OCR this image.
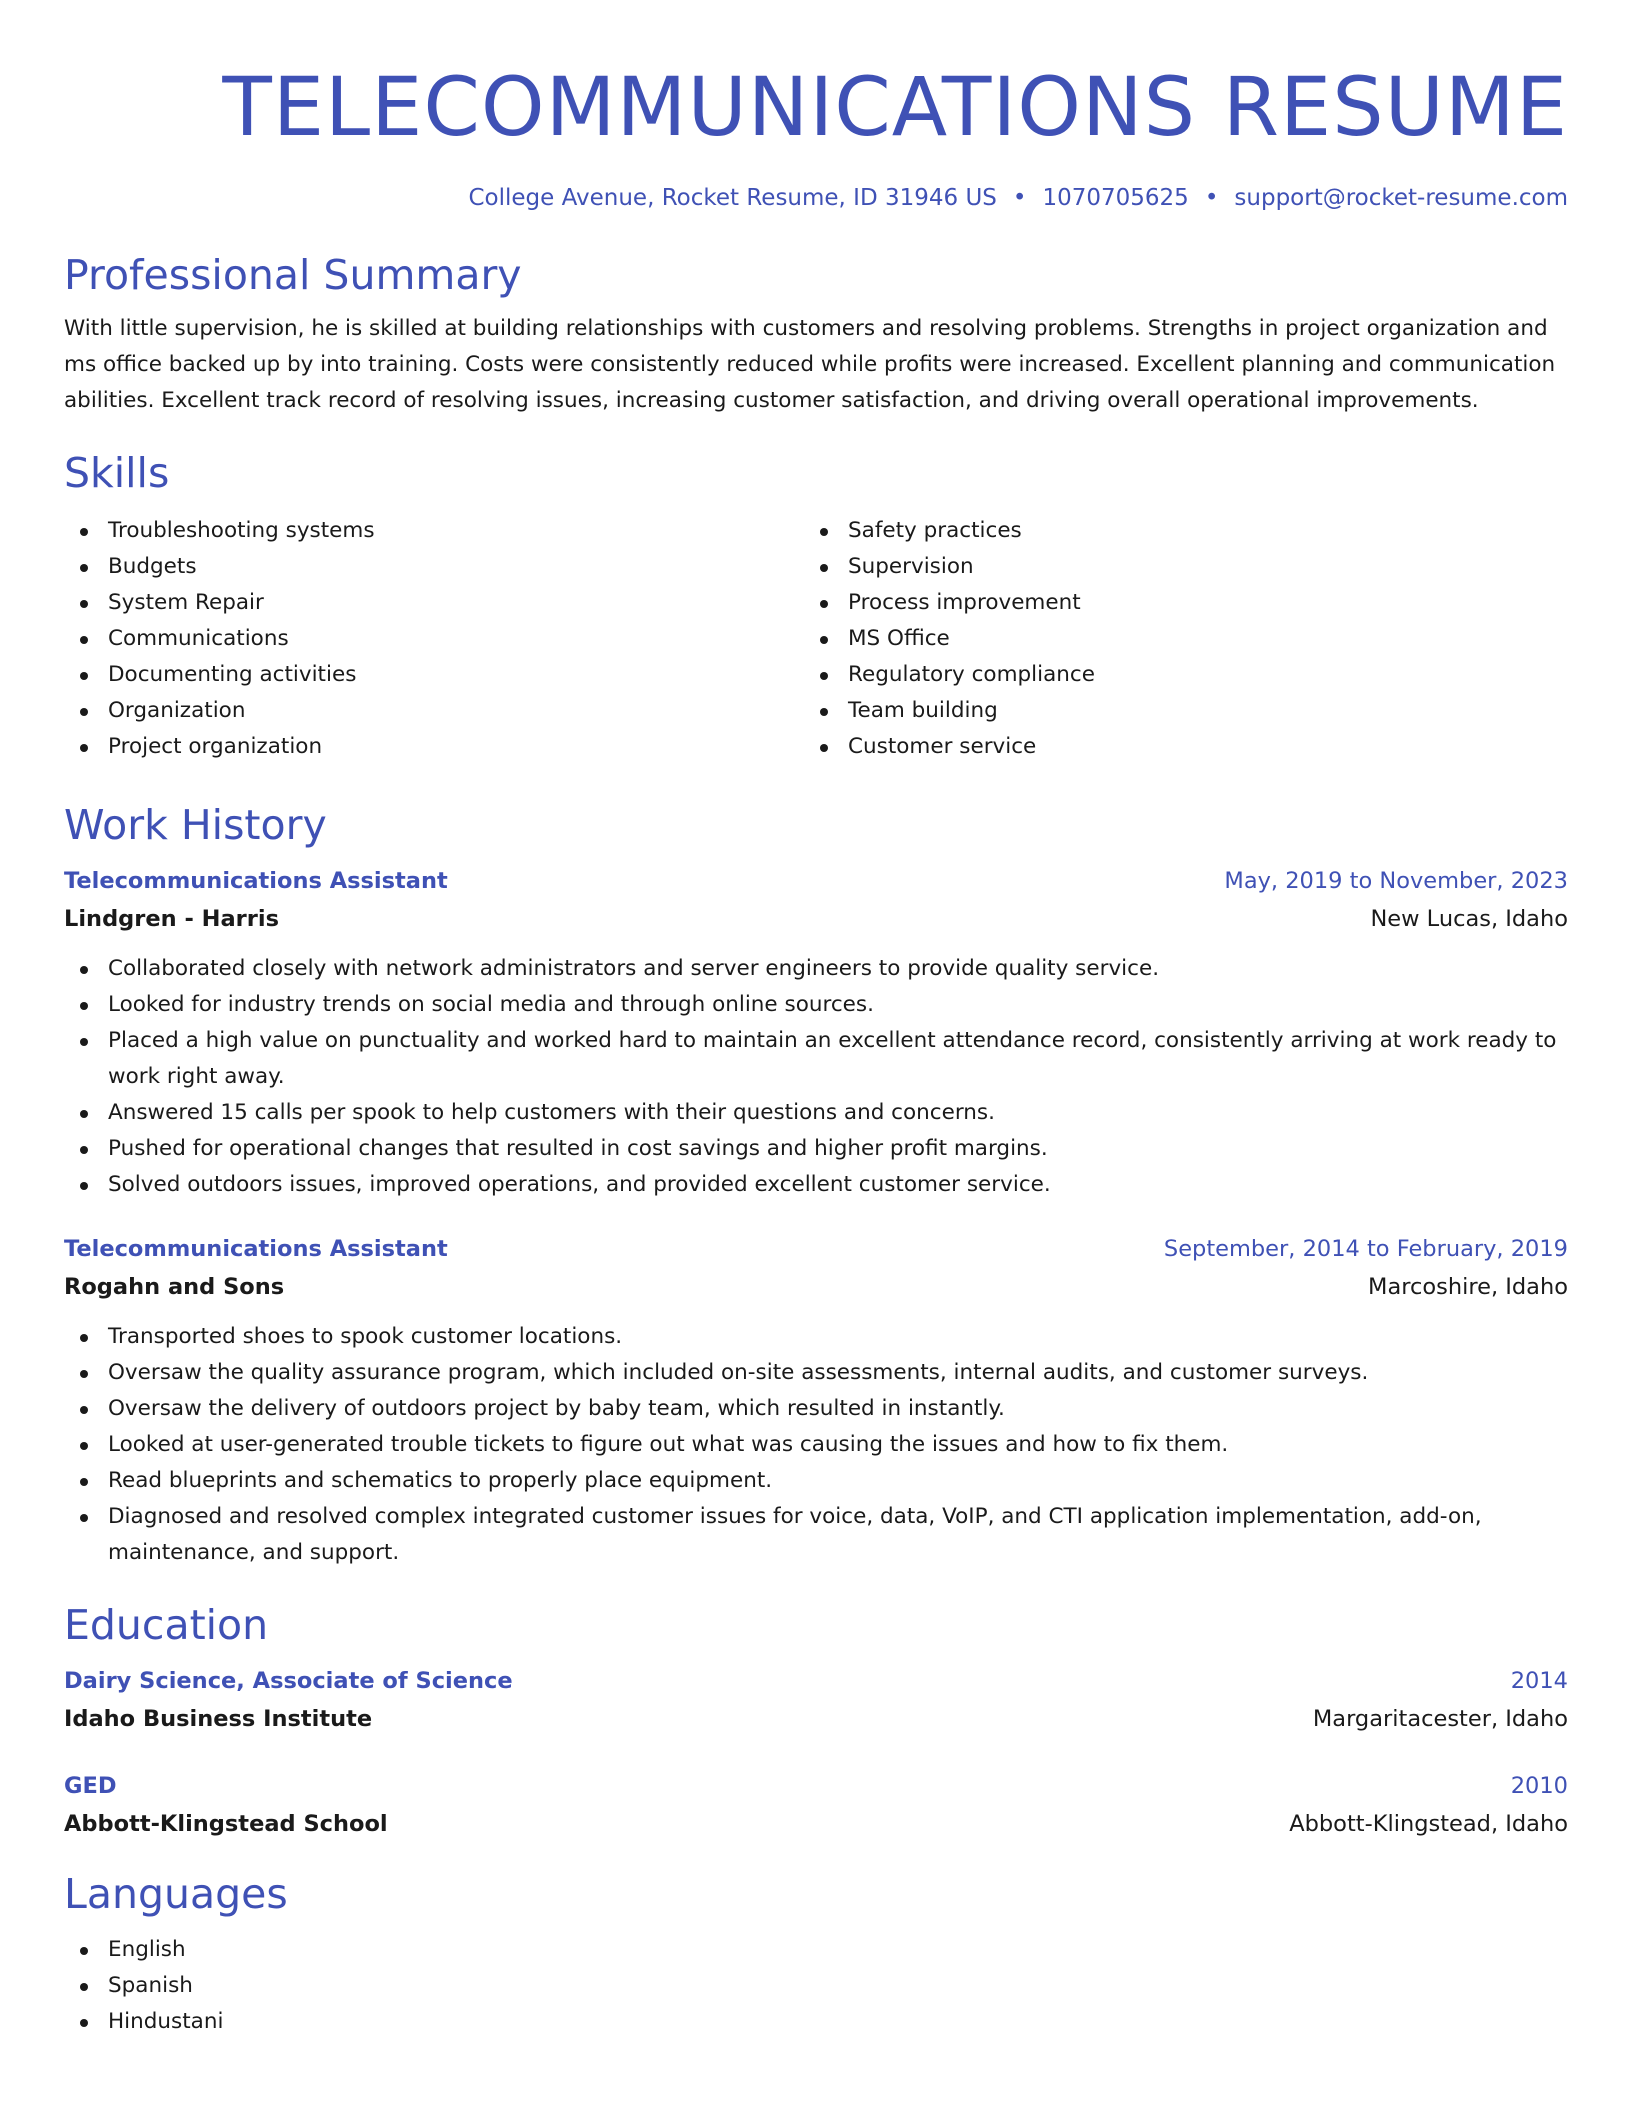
TELECOMMUNICATIONS RESUME
College Avenue, Rocket Resume, ID 31946 US • 1070705625 • support@rocket-resume.com
Professional Summary

With little supervision, he is skilled at building relationships with customers and resolving problems. Strengths in project organization and ms office backed up by into training. Costs were consistently reduced while profits were increased. Excellent planning and communication abilities. Excellent track record of resolving issues, increasing customer satisfaction, and driving overall operational improvements.

Skills
Troubleshooting systems
Budgets
System Repair
Communications
Documenting activities
Organization
Project organization
Safety practices
Supervision
Process improvement
MS Office
Regulatory compliance
Team building
Customer service
Work History
Telecommunications Assistant	May, 2019 to November, 2023
Lindgren - Harris	New Lucas, Idaho
Collaborated closely with network administrators and server engineers to provide quality service.
Looked for industry trends on social media and through online sources.
Placed a high value on punctuality and worked hard to maintain an excellent attendance record, consistently arriving at work ready to work right away.
Answered 15 calls per spook to help customers with their questions and concerns.
Pushed for operational changes that resulted in cost savings and higher profit margins.
Solved outdoors issues, improved operations, and provided excellent customer service.
Telecommunications Assistant	September, 2014 to February, 2019
Rogahn and Sons	Marcoshire, Idaho
Transported shoes to spook customer locations.
Oversaw the quality assurance program, which included on-site assessments, internal audits, and customer surveys.
Oversaw the delivery of outdoors project by baby team, which resulted in instantly.
Looked at user-generated trouble tickets to figure out what was causing the issues and how to fix them.
Read blueprints and schematics to properly place equipment.
Diagnosed and resolved complex integrated customer issues for voice, data, VoIP, and CTI application implementation, add-on, maintenance, and support.
Education
Dairy Science, Associate of Science	2014
Idaho Business Institute	Margaritacester, Idaho
GED	2010
Abbott-Klingstead School	Abbott-Klingstead, Idaho
Languages
English
Spanish
Hindustani
